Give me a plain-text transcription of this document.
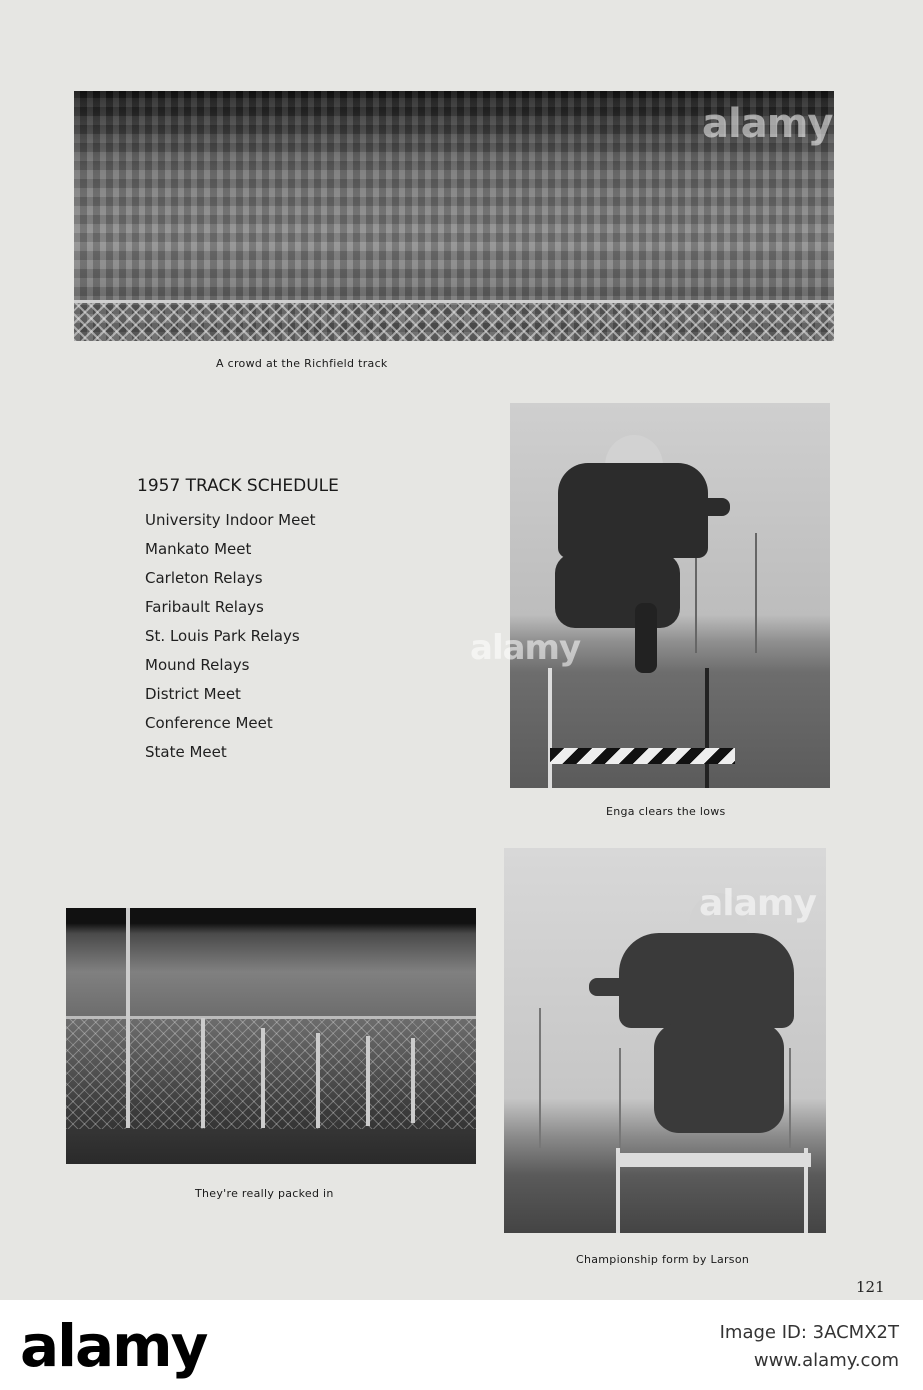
alamy
A crowd at the Richfield track
1957 TRACK SCHEDULE
University Indoor Meet
Mankato Meet
Carleton Relays
Faribault Relays
St. Louis Park Relays
Mound Relays
District Meet
Conference Meet
State Meet
alamy
Enga clears the lows
They're really packed in
alamy
Championship form by Larson
121
alamy	Image ID: 3ACMX2T
www.alamy.com
